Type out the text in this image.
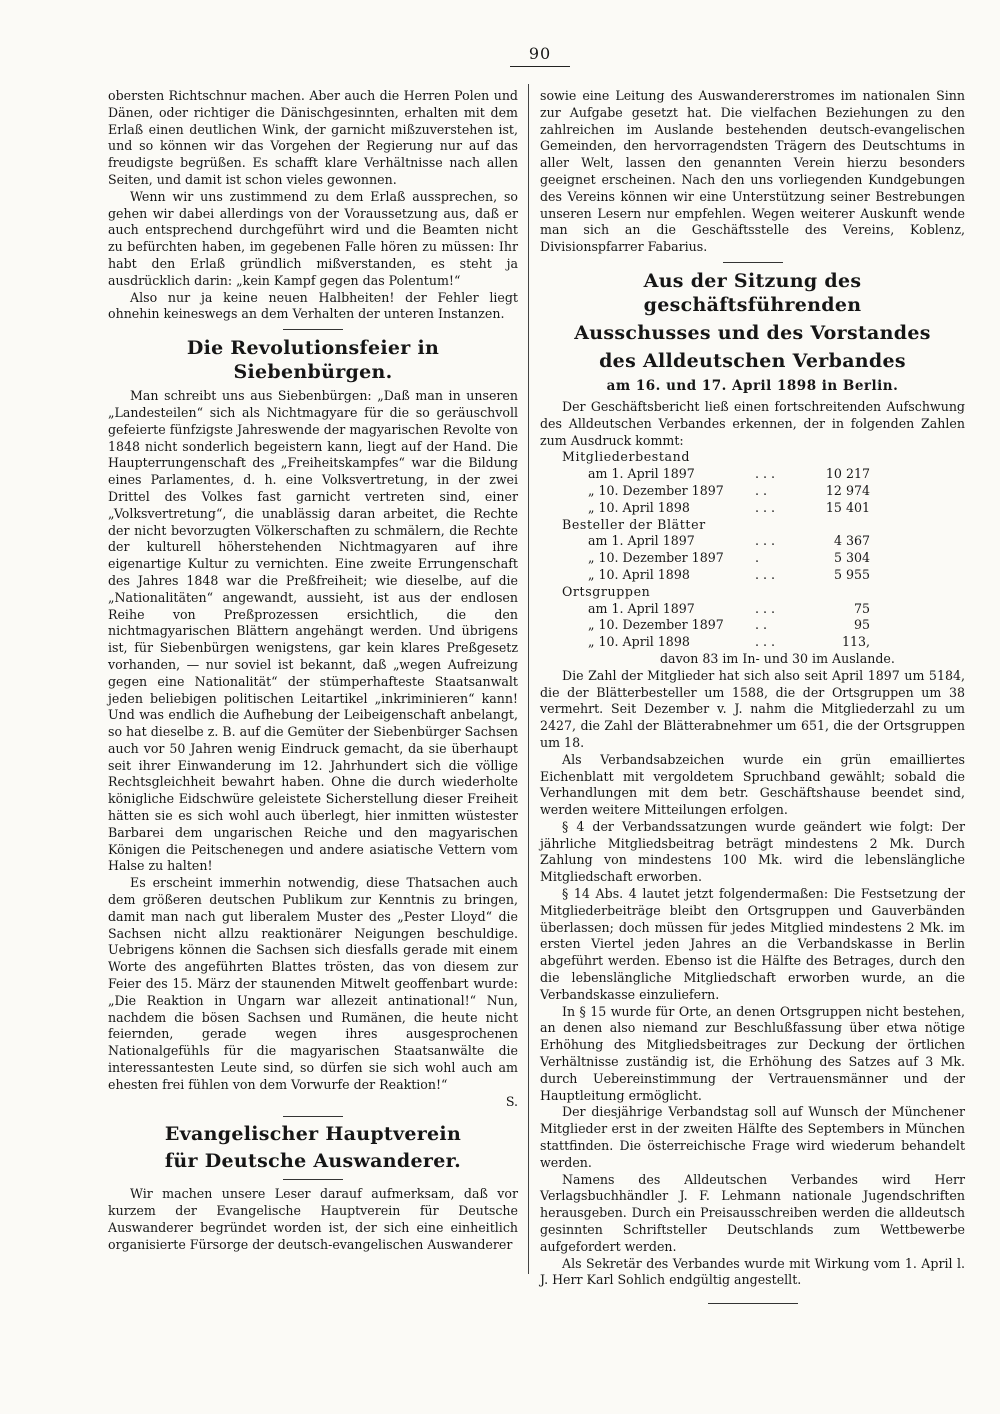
90

obersten Richtschnur machen. Aber auch die Herren Polen und Dänen, oder richtiger die Dänischgesinnten, erhalten mit dem Erlaß einen deutlichen Wink, der garnicht mißzuverstehen ist, und so können wir das Vorgehen der Regierung nur auf das freudigste begrüßen. Es schafft klare Verhältnisse nach allen Seiten, und damit ist schon vieles gewonnen.

Wenn wir uns zustimmend zu dem Erlaß aussprechen, so gehen wir dabei allerdings von der Voraussetzung aus, daß er auch entsprechend durchgeführt wird und die Beamten nicht zu befürchten haben, im gegebenen Falle hören zu müssen: Ihr habt den Erlaß gründlich mißverstanden, es steht ja ausdrücklich darin: „kein Kampf gegen das Polentum!“

Also nur ja keine neuen Halbheiten! der Fehler liegt ohnehin keineswegs an dem Verhalten der unteren Instanzen.

Die Revolutionsfeier in Siebenbürgen.

Man schreibt uns aus Siebenbürgen: „Daß man in unseren „Landesteilen“ sich als Nichtmagyare für die so geräuschvoll gefeierte fünfzigste Jahreswende der magyarischen Revolte von 1848 nicht sonderlich begeistern kann, liegt auf der Hand. Die Haupterrungenschaft des „Freiheitskampfes“ war die Bildung eines Parlamentes, d. h. eine Volksvertretung, in der zwei Drittel des Volkes fast garnicht vertreten sind, einer „Volksvertretung“, die unablässig daran arbeitet, die Rechte der nicht bevorzugten Völkerschaften zu schmälern, die Rechte der kulturell höherstehenden Nichtmagyaren auf ihre eigenartige Kultur zu vernichten. Eine zweite Errungenschaft des Jahres 1848 war die Preßfreiheit; wie dieselbe, auf die „Nationalitäten“ angewandt, aussieht, ist aus der endlosen Reihe von Preßprozessen ersichtlich, die den nichtmagyarischen Blättern angehängt werden. Und übrigens ist, für Siebenbürgen wenigstens, gar kein klares Preßgesetz vorhanden, — nur soviel ist bekannt, daß „wegen Aufreizung gegen eine Nationalität“ der stümperhafteste Staatsanwalt jeden beliebigen politischen Leitartikel „inkriminieren“ kann! Und was endlich die Aufhebung der Leibeigenschaft anbelangt, so hat dieselbe z. B. auf die Gemüter der Siebenbürger Sachsen auch vor 50 Jahren wenig Eindruck gemacht, da sie überhaupt seit ihrer Einwanderung im 12. Jahrhundert sich die völlige Rechtsgleichheit bewahrt haben. Ohne die durch wiederholte königliche Eidschwüre geleistete Sicherstellung dieser Freiheit hätten sie es sich wohl auch überlegt, hier inmitten wüstester Barbarei dem ungarischen Reiche und den magyarischen Königen die Peitschenegen und andere asiatische Vettern vom Halse zu halten!

Es erscheint immerhin notwendig, diese Thatsachen auch dem größeren deutschen Publikum zur Kenntnis zu bringen, damit man nach gut liberalem Muster des „Pester Lloyd“ die Sachsen nicht allzu reaktionärer Neigungen beschuldige. Uebrigens können die Sachsen sich diesfalls gerade mit einem Worte des angeführten Blattes trösten, das von diesem zur Feier des 15. März der staunenden Mitwelt geoffenbart wurde: „Die Reaktion in Ungarn war allezeit antinational!“ Nun, nachdem die bösen Sachsen und Rumänen, die heute nicht feiernden, gerade wegen ihres ausgesprochenen Nationalgefühls für die magyarischen Staatsanwälte die interessantesten Leute sind, so dürfen sie sich wohl auch am ehesten frei fühlen von dem Vorwurfe der Reaktion!“

S.

Evangelischer Hauptverein
für Deutsche Auswanderer.

Wir machen unsere Leser darauf aufmerksam, daß vor kurzem der Evangelische Hauptverein für Deutsche Auswanderer begründet worden ist, der sich eine einheitlich organisierte Fürsorge der deutsch-evangelischen Auswanderer

sowie eine Leitung des Auswandererstromes im nationalen Sinn zur Aufgabe gesetzt hat. Die vielfachen Beziehungen zu den zahlreichen im Auslande bestehenden deutsch-evangelischen Gemeinden, den hervorragendsten Trägern des Deutschtums in aller Welt, lassen den genannten Verein hierzu besonders geeignet erscheinen. Nach den uns vorliegenden Kundgebungen des Vereins können wir eine Unterstützung seiner Bestrebungen unseren Lesern nur empfehlen. Wegen weiterer Auskunft wende man sich an die Geschäftsstelle des Vereins, Koblenz, Divisionspfarrer Fabarius.

Aus der Sitzung des geschäftsführenden
Ausschusses und des Vorstandes
des Alldeutschen Verbandes
am 16. und 17. April 1898 in Berlin.

Der Geschäftsbericht ließ einen fortschreitenden Aufschwung des Alldeutschen Verbandes erkennen, der in folgenden Zahlen zum Ausdruck kommt:

Mitgliederbestand
am 1. April 1897	. . .	10 217
„ 10. Dezember 1897	. .	12 974
„ 10. April 1898	. . .	15 401
Besteller der Blätter
am 1. April 1897	. . .	4 367
„ 10. Dezember 1897	.	5 304
„ 10. April 1898	. . .	5 955
Ortsgruppen
am 1. April 1897	. . .	75
„ 10. Dezember 1897	. .	95
„ 10. April 1898	. . .	113,
davon 83 im In- und 30 im Auslande.

Die Zahl der Mitglieder hat sich also seit April 1897 um 5184, die der Blätterbesteller um 1588, die der Ortsgruppen um 38 vermehrt. Seit Dezember v. J. nahm die Mitgliederzahl zu um 2427, die Zahl der Blätterabnehmer um 651, die der Ortsgruppen um 18.

Als Verbandsabzeichen wurde ein grün emailliertes Eichenblatt mit vergoldetem Spruchband gewählt; sobald die Verhandlungen mit dem betr. Geschäftshause beendet sind, werden weitere Mitteilungen erfolgen.

§ 4 der Verbandssatzungen wurde geändert wie folgt: Der jährliche Mitgliedsbeitrag beträgt mindestens 2 Mk. Durch Zahlung von mindestens 100 Mk. wird die lebenslängliche Mitgliedschaft erworben.

§ 14 Abs. 4 lautet jetzt folgendermaßen: Die Festsetzung der Mitgliederbeiträge bleibt den Ortsgruppen und Gauverbänden überlassen; doch müssen für jedes Mitglied mindestens 2 Mk. im ersten Viertel jeden Jahres an die Verbandskasse in Berlin abgeführt werden. Ebenso ist die Hälfte des Betrages, durch den die lebenslängliche Mitgliedschaft erworben wurde, an die Verbandskasse einzuliefern.

In § 15 wurde für Orte, an denen Ortsgruppen nicht bestehen, an denen also niemand zur Beschlußfassung über etwa nötige Erhöhung des Mitgliedsbeitrages zur Deckung der örtlichen Verhältnisse zuständig ist, die Erhöhung des Satzes auf 3 Mk. durch Uebereinstimmung der Vertrauensmänner und der Hauptleitung ermöglicht.

Der diesjährige Verbandstag soll auf Wunsch der Münchener Mitglieder erst in der zweiten Hälfte des Septembers in München stattfinden. Die österreichische Frage wird wiederum behandelt werden.

Namens des Alldeutschen Verbandes wird Herr Verlagsbuchhändler J. F. Lehmann nationale Jugendschriften herausgeben. Durch ein Preisausschreiben werden die alldeutsch gesinnten Schriftsteller Deutschlands zum Wettbewerbe aufgefordert werden.

Als Sekretär des Verbandes wurde mit Wirkung vom 1. April l. J. Herr Karl Sohlich endgültig angestellt.
